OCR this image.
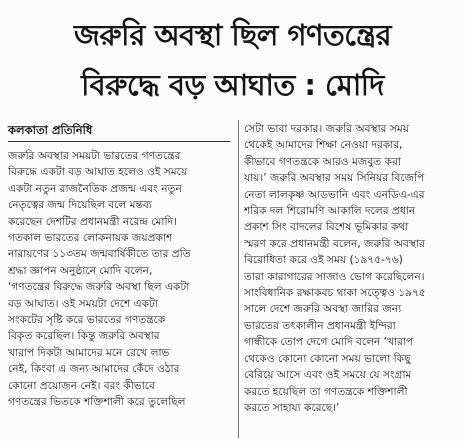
জরুরি অবস্থা ছিল গণতন্ত্রের
বিরুদ্ধে বড় আঘাত : মোদি
কলকাতা প্রতিনিধি
জরুরি অবস্থার সময়টা ভারতের গণতন্ত্রের
বিরুদ্ধে একটা বড় আঘাত হলেও ওই সময়ে
একটা নতুন রাজনৈতিক প্রজন্ম এবং নতুন
নেতৃত্বের জন্ম দিয়েছিল বলে মন্তব্য
করেছেন দেশটির প্রধানমন্ত্রী নরেন্দ্র মোদি।
গতকাল ভারতের লোকনায়ক জয়প্রকাশ
নারায়ণের ১১৩তম জন্মবার্ষিকীতে তার প্রতি
শ্রদ্ধা জ্ঞাপন অনুষ্ঠানে মোদি বলেন,
‘গণতন্ত্রের বিরুদ্ধে জরুরি অবস্থা ছিল একটা
বড় আঘাত। ওই সময়টা দেশে একটা
সংকটের সৃষ্টি করে ভারতের গণতন্ত্রকে
বিকৃত করেছিল। কিন্তু জরুরি অবস্থার
খারাপ দিকটা আমাদের মনে রেখে লাভ
নেই, কিংবা এ জন্য আমাদের কেঁদে ওঠার
কোনো প্রয়োজন নেই। বরং কীভাবে
গণতন্ত্রের ভিতকে শক্তিশালী করে তুলেছিল
সেটা ভাবা দরকার। জরুরি অবস্থার সময়
থেকেই আমাদের শিক্ষা নেওয়া দরকার,
কীভাবে গণতন্ত্রকে আরও মজবুত করা
যায়।’ জরুরি অবস্থার সময় সিনিয়র বিজেপি
নেতা লালকৃষ্ণ আডভানি এবং এনডিএ-এর
শরিক দল শিরোমণি আকালি দলের প্রধান
প্রকাশ সিং বাদলের বিশেষ ভূমিকার কথা
স্মরণ করে প্রধানমন্ত্রী বলেন, জরুরি অবস্থার
বিরোধিতা করে ওই সময় (১৯৭৫-৭৬)
তারা কারাগারের সাজাও ভোগ করেছিলেন।
সাংবিধানিক রক্ষাকবচ থাকা সত্ত্বেও ১৯৭৫
সালে দেশে জরুরি অবস্থা জারির জন্য
ভারতের তৎকালীন প্রধানমন্ত্রী ইন্দিরা
গান্ধীকে তোপ দেগে মোদি বলেন ‘খারাপ
থেকেও কোনো কোনো সময় ভালো কিছু
বেরিয়ে আসে এবং ওই সময়ে যে সংগ্রাম
করতে হয়েছিল তা গণতন্ত্রকে শক্তিশালী
করতে সাহায্য করেছে।’
